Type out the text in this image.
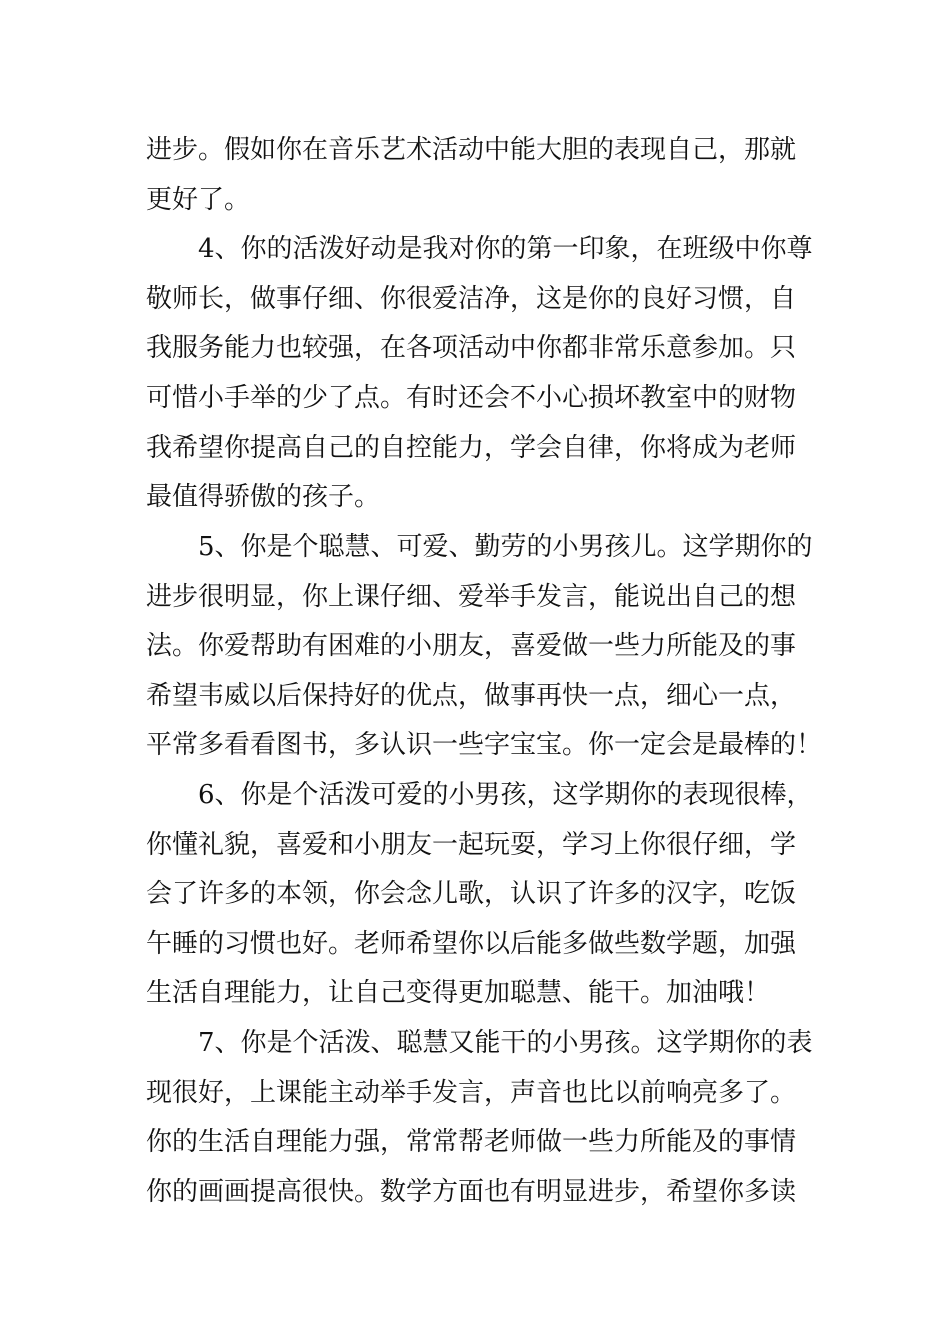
进步。假如你在音乐艺术活动中能大胆的表现自己，那就
更好了。
4、你的活泼好动是我对你的第一印象，在班级中你尊
敬师长，做事仔细、你很爱洁净，这是你的良好习惯，自
我服务能力也较强，在各项活动中你都非常乐意参加。只
可惜小手举的少了点。有时还会不小心损坏教室中的财物
我希望你提高自己的自控能力，学会自律，你将成为老师
最值得骄傲的孩子。
5、你是个聪慧、可爱、勤劳的小男孩儿。这学期你的
进步很明显，你上课仔细、爱举手发言，能说出自己的想
法。你爱帮助有困难的小朋友，喜爱做一些力所能及的事
希望韦威以后保持好的优点，做事再快一点，细心一点，
平常多看看图书，多认识一些字宝宝。你一定会是最棒的！
6、你是个活泼可爱的小男孩，这学期你的表现很棒，
你懂礼貌，喜爱和小朋友一起玩耍，学习上你很仔细，学
会了许多的本领，你会念儿歌，认识了许多的汉字，吃饭
午睡的习惯也好。老师希望你以后能多做些数学题，加强
生活自理能力，让自己变得更加聪慧、能干。加油哦！
7、你是个活泼、聪慧又能干的小男孩。这学期你的表
现很好，上课能主动举手发言，声音也比以前响亮多了。
你的生活自理能力强，常常帮老师做一些力所能及的事情
你的画画提高很快。数学方面也有明显进步，希望你多读
